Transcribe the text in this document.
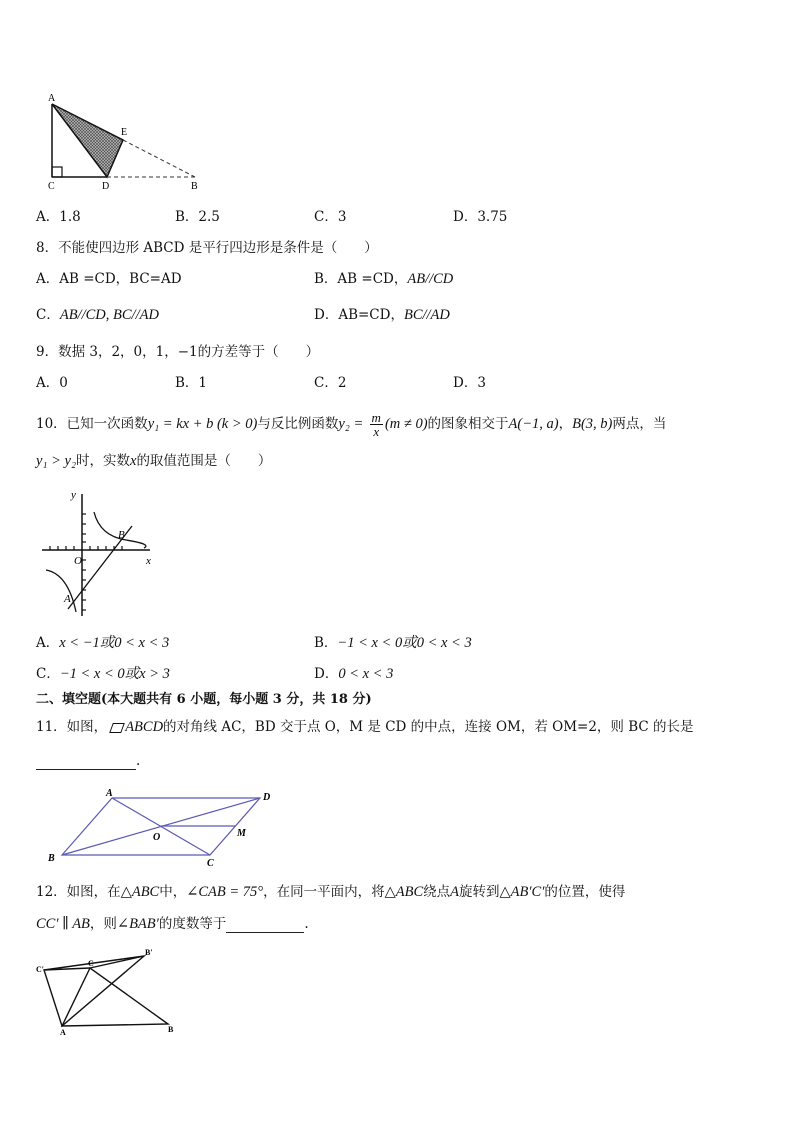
A
E
C	D	B
A．1.8	B．2.5	C．3	D．3.75
8．不能使四边形 ABCD 是平行四边形是条件是（　　）
A．AB =CD，BC=AD	B．AB =CD，AB//CD
C．AB//CD, BC//AD	D．AB=CD，BC//AD
9．数据 3，2，0，1，−1的方差等于（　　）
A．0	B．1	C．2	D．3
10．已知一次函数y₁ = kx + b (k > 0)与反比例函数$y_2 = \frac{m}{x} (m \ne 0)$的图象相交于A(−1, a)，B(3, b)两点，当
y₁ > y₂时，实数x的取值范围是（　　）
y
O	x
B
A
A．x < −1或0 < x < 3	B．−1 < x < 0或0 < x < 3
C．−1 < x < 0或x > 3	D．0 < x < 3
二、填空题(本大题共有 6 小题，每小题 3 分，共 18 分)
11．如图， ABCD的对角线 AC，BD 交于点 O，M 是 CD 的中点，连接 OM，若 OM=2，则 BC 的长是
.
A	D
O	M
B	C
12．如图，在△ABC中，∠CAB = 75°，在同一平面内，将△ABC绕点A旋转到△AB′C′的位置，使得
CC′ ∥ AB，则∠BAB′的度数等于	.
C′
C
B′
A	B
